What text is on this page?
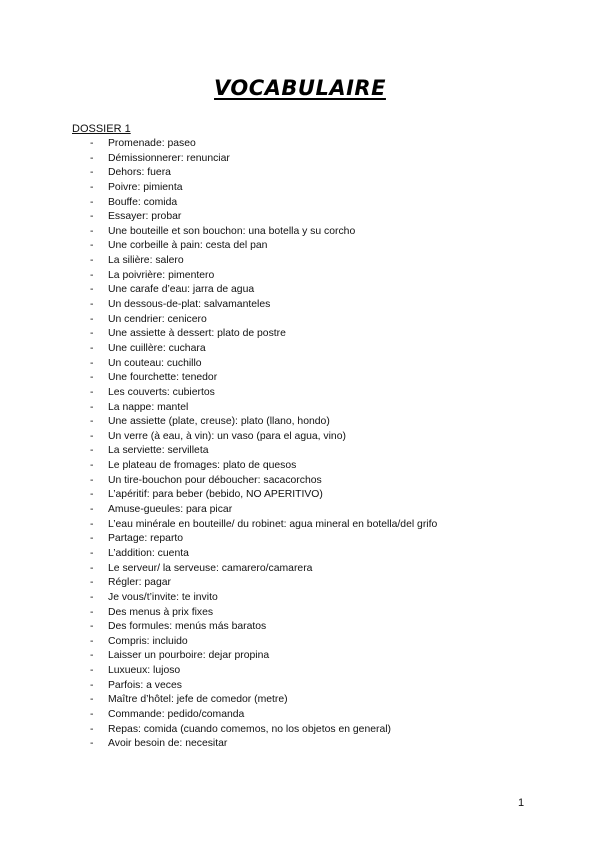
VOCABULAIRE
DOSSIER 1
- Promenade: paseo
- Démissionnerer: renunciar
- Dehors: fuera
- Poivre: pimienta
- Bouffe: comida
- Essayer: probar
- Une bouteille et son bouchon: una botella y su corcho
- Une corbeille à pain: cesta del pan
- La silière: salero
- La poivrière: pimentero
- Une carafe d’eau: jarra de agua
- Un dessous-de-plat: salvamanteles
- Un cendrier: cenicero
- Une assiette à dessert: plato de postre
- Une cuillère: cuchara
- Un couteau: cuchillo
- Une fourchette: tenedor
- Les couverts: cubiertos
- La nappe: mantel
- Une assiette (plate, creuse): plato (llano, hondo)
- Un verre (à eau, à vin): un vaso (para el agua, vino)
- La serviette: servilleta
- Le plateau de fromages: plato de quesos
- Un tire-bouchon pour déboucher: sacacorchos
- L’apéritif: para beber (bebido, NO APERITIVO)
- Amuse-gueules: para picar
- L’eau minérale en bouteille/ du robinet: agua mineral en botella/del grifo
- Partage: reparto
- L’addition: cuenta
- Le serveur/ la serveuse: camarero/camarera
- Régler: pagar
- Je vous/t’invite: te invito
- Des menus à prix fixes
- Des formules: menús más baratos
- Compris: incluido
- Laisser un pourboire: dejar propina
- Luxueux: lujoso
- Parfois: a veces
- Maître d’hôtel: jefe de comedor (metre)
- Commande: pedido/comanda
- Repas: comida (cuando comemos, no los objetos en general)
- Avoir besoin de: necesitar
1
